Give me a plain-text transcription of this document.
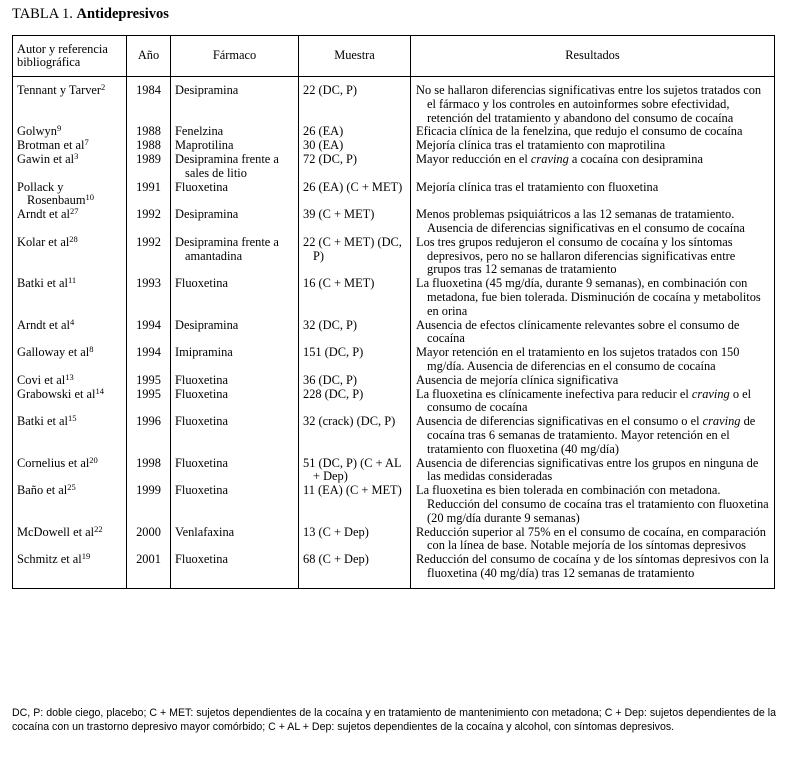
TABLA 1. Antidepresivos
Autor y referencia bibliográfica	Año	Fármaco	Muestra	Resultados
Tennant y Tarver$^2$	1984	Desipramina	22 (DC, P)	No se hallaron diferencias significativas entre los sujetos tratados con el fármaco y los controles en autoinformes sobre efectividad, retención del tratamiento y abandono del consumo de cocaína
Golwyn$^9$	1988	Fenelzina	26 (EA)	Eficacia clínica de la fenelzina, que redujo el consumo de cocaína
Brotman et $al^7$	1988	Maprotilina	30 (EA)	Mejoría clínica tras el tratamiento con maprotilina
Gawin et $al^3$	1989	Desipramina frente a sales de litio	72 (DC, P)	Mayor reducción en el craving a cocaína con desipramina
Pollack y Rosenbaum$^{10}$	1991	Fluoxetina	26 (EA) (C + MET)	Mejoría clínica tras el tratamiento con fluoxetina
Arndt et $al^{27}$	1992	Desipramina	39 (C + MET)	Menos problemas psiquiátricos a las 12 semanas de tratamiento. Ausencia de diferencias significativas en el consumo de cocaína
Kolar et $al^{28}$	1992	Desipramina frente a amantadina	22 (C + MET) (DC, P)	Los tres grupos redujeron el consumo de cocaína y los síntomas depresivos, pero no se hallaron diferencias significativas entre grupos tras 12 semanas de tratamiento
Batki et $al^{11}$	1993	Fluoxetina	16 (C + MET)	La fluoxetina (45 mg/día, durante 9 semanas), en combinación con metadona, fue bien tolerada. Disminución de cocaína y metabolitos en orina
Arndt et $al^4$	1994	Desipramina	32 (DC, P)	Ausencia de efectos clínicamente relevantes sobre el consumo de cocaína
Galloway et $al^8$	1994	Imipramina	151 (DC, P)	Mayor retención en el tratamiento en los sujetos tratados con 150 mg/día. Ausencia de diferencias en el consumo de cocaína
Covi et $al^{13}$	1995	Fluoxetina	36 (DC, P)	Ausencia de mejoría clínica significativa
Grabowski et $al^{14}$	1995	Fluoxetina	228 (DC, P)	La fluoxetina es clínicamente inefectiva para reducir el craving o el consumo de cocaína
Batki et $al^{15}$	1996	Fluoxetina	32 (crack) (DC, P)	Ausencia de diferencias significativas en el consumo o el craving de cocaína tras 6 semanas de tratamiento. Mayor retención en el tratamiento con fluoxetina (40 mg/día)
Cornelius et $al^{20}$	1998	Fluoxetina	51 (DC, P) (C + AL + Dep)	Ausencia de diferencias significativas entre los grupos en ninguna de las medidas consideradas
Baño et $al^{25}$	1999	Fluoxetina	11 (EA) (C + MET)	La fluoxetina es bien tolerada en combinación con metadona. Reducción del consumo de cocaína tras el tratamiento con fluoxetina (20 mg/día durante 9 semanas)
McDowell et $al^{22}$	2000	Venlafaxina	13 (C + Dep)	Reducción superior al 75% en el consumo de cocaína, en comparación con la línea de base. Notable mejoría de los síntomas depresivos
Schmitz et $al^{19}$	2001	Fluoxetina	68 (C + Dep)	Reducción del consumo de cocaína y de los síntomas depresivos con la fluoxetina (40 mg/día) tras 12 semanas de tratamiento
DC, P: doble ciego, placebo; C + MET: sujetos dependientes de la cocaína y en tratamiento de mantenimiento con metadona; C + Dep: sujetos dependientes de la cocaína con un trastorno depresivo mayor comórbido; C + AL + Dep: sujetos dependientes de la cocaína y alcohol, con síntomas depresivos.
